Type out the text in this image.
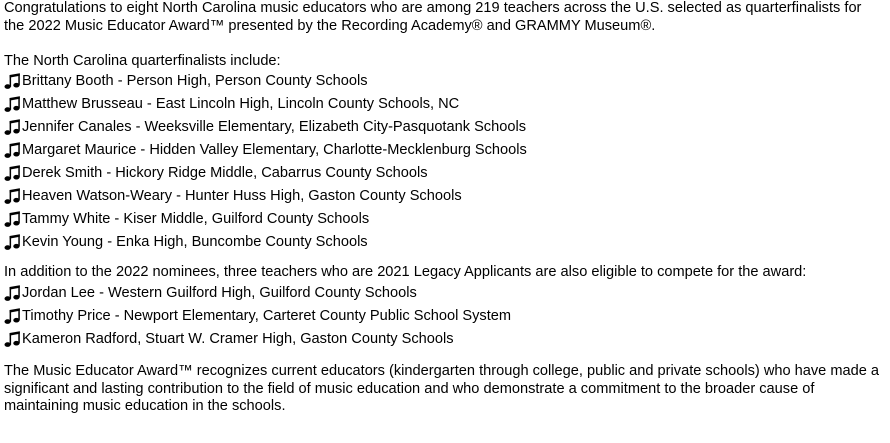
Congratulations to eight North Carolina music educators who are among 219 teachers across the U.S. selected as quarterfinalists for the 2022 Music Educator Award™ presented by the Recording Academy® and GRAMMY Museum®.

The North Carolina quarterfinalists include:

Brittany Booth - Person High, Person County Schools
Matthew Brusseau - East Lincoln High, Lincoln County Schools, NC
Jennifer Canales - Weeksville Elementary, Elizabeth City-Pasquotank Schools
Margaret Maurice - Hidden Valley Elementary, Charlotte-Mecklenburg Schools
Derek Smith - Hickory Ridge Middle, Cabarrus County Schools
Heaven Watson-Weary - Hunter Huss High, Gaston County Schools
Tammy White - Kiser Middle, Guilford County Schools
Kevin Young - Enka High, Buncombe County Schools

In addition to the 2022 nominees, three teachers who are 2021 Legacy Applicants are also eligible to compete for the award:

Jordan Lee - Western Guilford High, Guilford County Schools
Timothy Price - Newport Elementary, Carteret County Public School System
Kameron Radford, Stuart W. Cramer High, Gaston County Schools

The Music Educator Award™ recognizes current educators (kindergarten through college, public and private schools) who have made a significant and lasting contribution to the field of music education and who demonstrate a commitment to the broader cause of maintaining music education in the schools.
